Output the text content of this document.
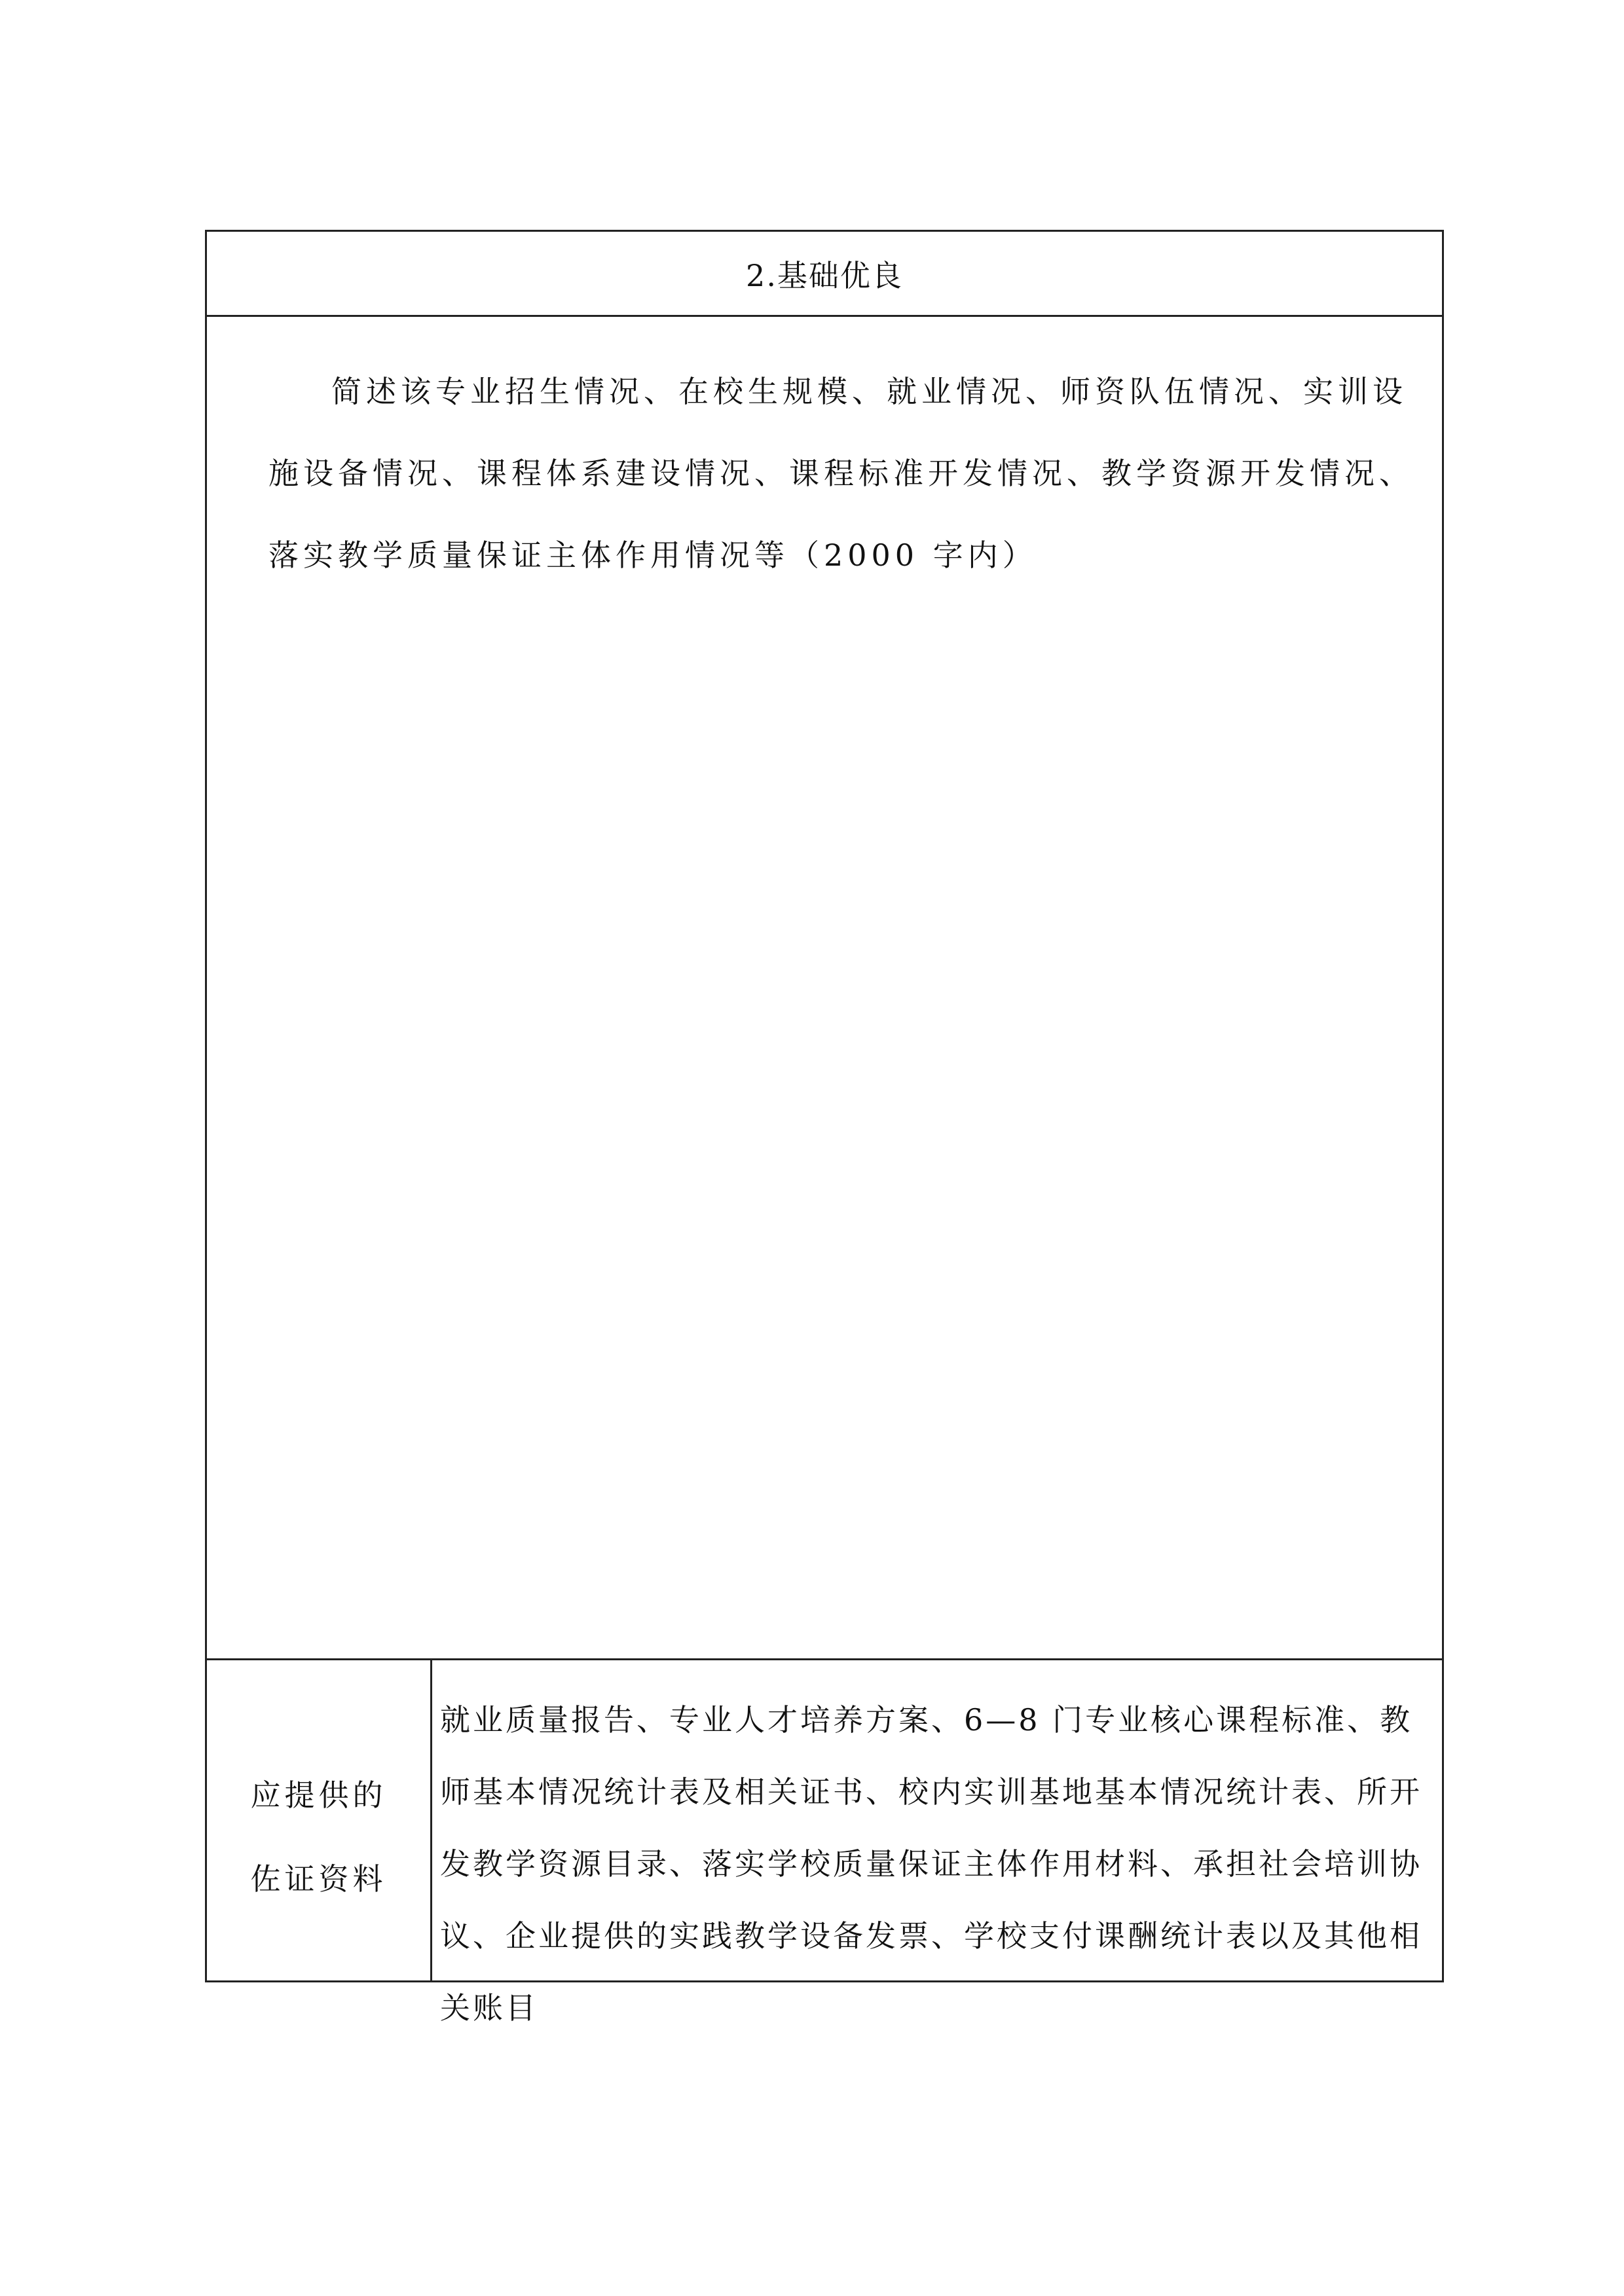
2.基础优良

简述该专业招生情况、在校生规模、就业情况、师资队伍情况、实训设施设备情况、课程体系建设情况、课程标准开发情况、教学资源开发情况、落实教学质量保证主体作用情况等（2000 字内）

应提供的
佐证资料

就业质量报告、专业人才培养方案、6—8 门专业核心课程标准、教师基本情况统计表及相关证书、校内实训基地基本情况统计表、所开发教学资源目录、落实学校质量保证主体作用材料、承担社会培训协议、企业提供的实践教学设备发票、学校支付课酬统计表以及其他相关账目
